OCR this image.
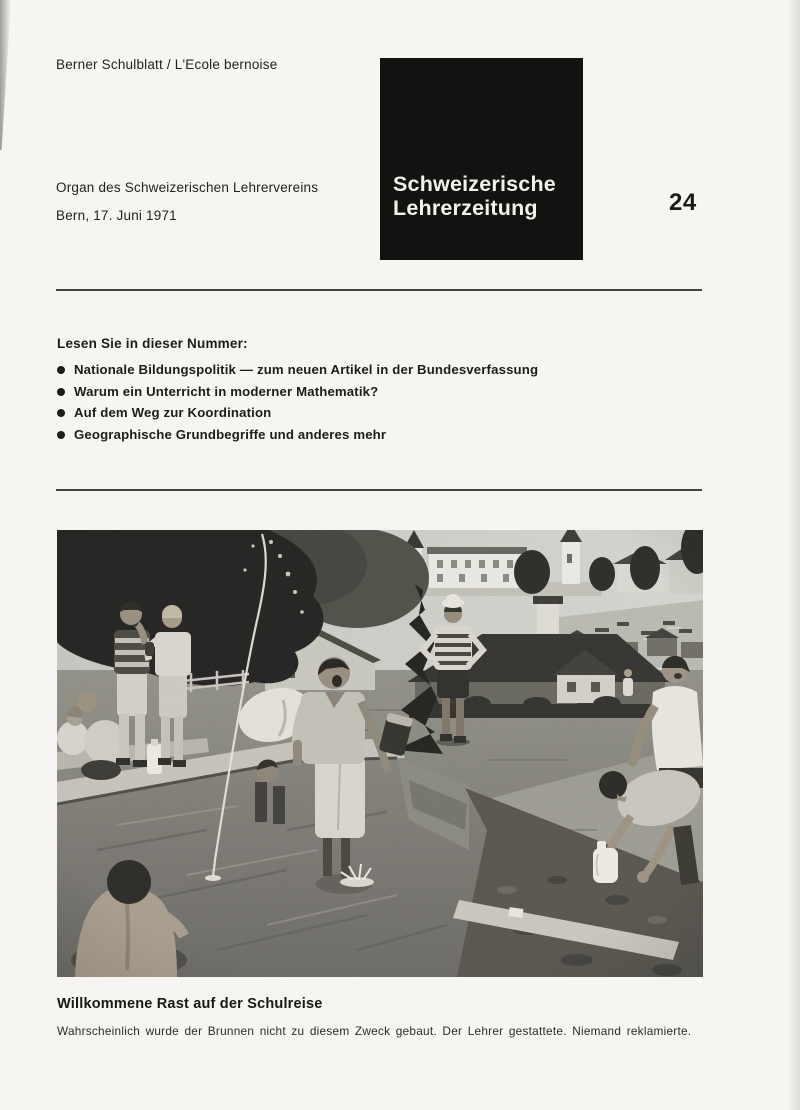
Berner Schulblatt / L'Ecole bernoise
Organ des Schweizerischen Lehrervereins
Bern, 17. Juni 1971
Schweizerische
Lehrerzeitung	24
Lesen Sie in dieser Nummer:
Nationale Bildungspolitik — zum neuen Artikel in der Bundesverfassung
Warum ein Unterricht in moderner Mathematik?
Auf dem Weg zur Koordination
Geographische Grundbegriffe und anderes mehr
Willkommene Rast auf der Schulreise
Wahrscheinlich wurde der Brunnen nicht zu diesem Zweck gebaut. Der Lehrer gestattete. Niemand reklamierte.
